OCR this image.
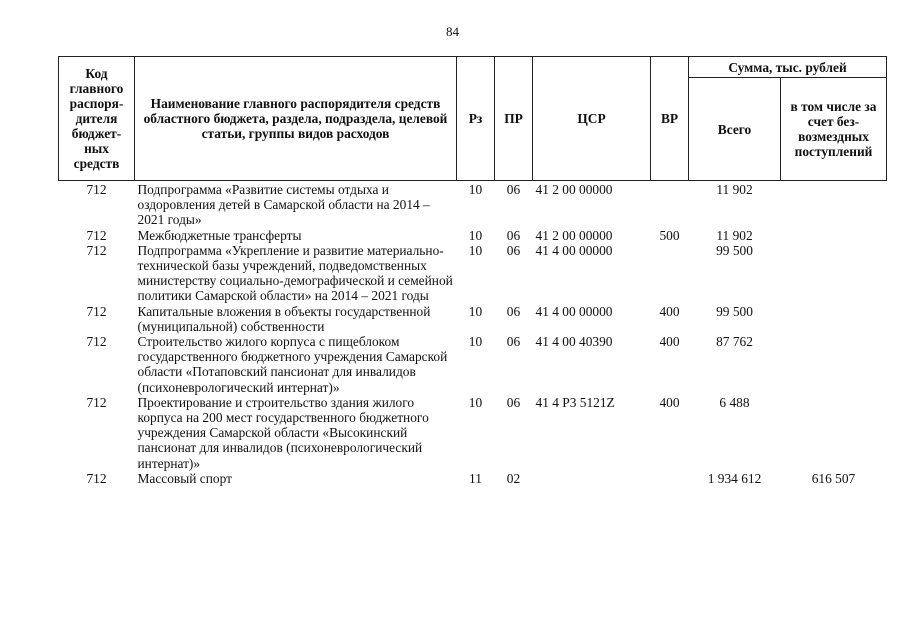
84
Код главного распоря-дителя бюджет-ных средств	Наименование главного распорядителя средств областного бюджета, раздела, подраздела, целевой статьи, группы видов расходов	Рз	ПР	ЦСР	ВР	Сумма, тыс. рублей	
						Всего	в том числе за счет без-возмездных поступлений
712	Подпрограмма «Развитие системы отдыха и оздоровления детей в Самарской области на 2014 – 2021 годы»	10	06	41 2 00 00000		11 902	
712	Межбюджетные трансферты	10	06	41 2 00 00000	500	11 902	
712	Подпрограмма «Укрепление и развитие материально-технической базы учреждений, подведомственных министерству социально-демографической и семейной политики Самарской области» на 2014 – 2021 годы	10	06	41 4 00 00000		99 500	
712	Капитальные вложения в объекты государственной (муниципальной) собственности	10	06	41 4 00 00000	400	99 500	
712	Строительство жилого корпуса с пищеблоком государственного бюджетного учреждения Самарской области «Потаповский пансионат для инвалидов (психоневрологический интернат)»	10	06	41 4 00 40390	400	87 762	
712	Проектирование и строительство здания жилого корпуса на 200 мест государственного бюджетного учреждения Самарской области «Высокинский пансионат для инвалидов (психоневрологический интернат)»	10	06	41 4 P3 5121Z	400	6 488	
712	Массовый спорт	11	02			1 934 612	616 507
